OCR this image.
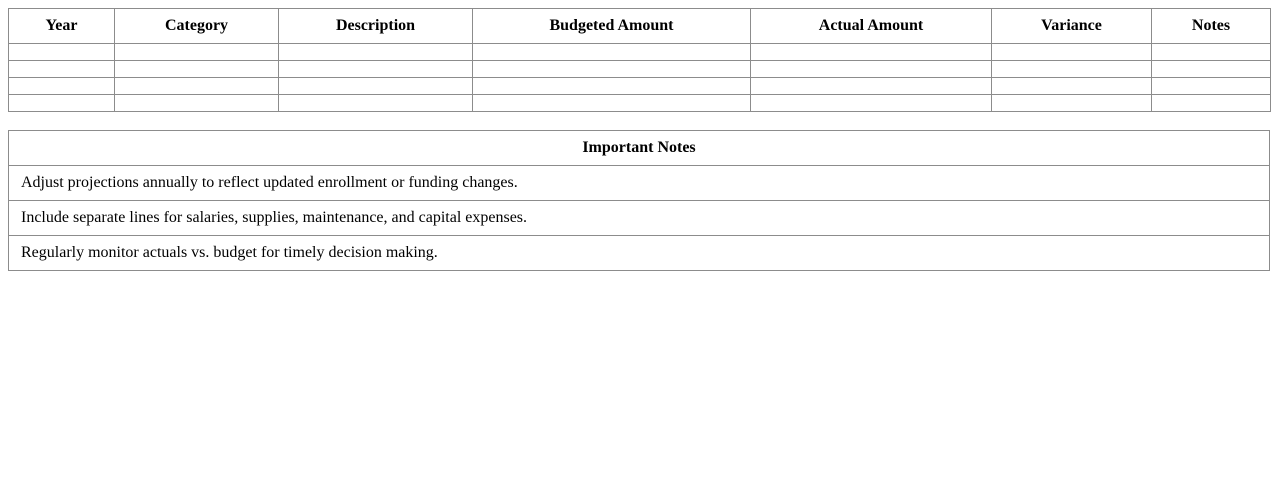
Year	Category	Description	Budgeted Amount	Actual Amount	Variance	Notes

Important Notes
Adjust projections annually to reflect updated enrollment or funding changes.
Include separate lines for salaries, supplies, maintenance, and capital expenses.
Regularly monitor actuals vs. budget for timely decision making.
